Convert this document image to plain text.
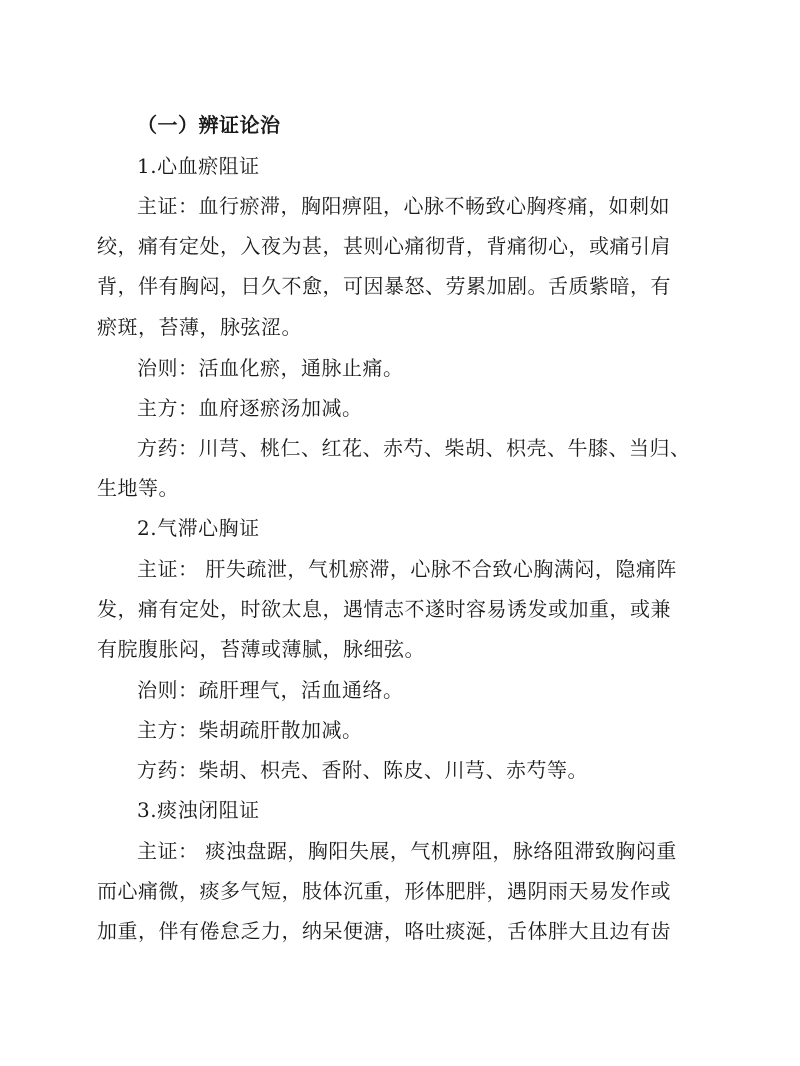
（一）辨证论治
1.心血瘀阻证
主证：血行瘀滞，胸阳痹阻，心脉不畅致心胸疼痛，如刺如
绞，痛有定处，入夜为甚，甚则心痛彻背，背痛彻心，或痛引肩
背，伴有胸闷，日久不愈，可因暴怒、劳累加剧。舌质紫暗，有
瘀斑，苔薄，脉弦涩。
治则：活血化瘀，通脉止痛。
主方：血府逐瘀汤加减。
方药：川芎、桃仁、红花、赤芍、柴胡、枳壳、牛膝、当归、
生地等。
2.气滞心胸证
主证： 肝失疏泄，气机瘀滞，心脉不合致心胸满闷，隐痛阵
发，痛有定处，时欲太息，遇情志不遂时容易诱发或加重，或兼
有脘腹胀闷，苔薄或薄腻，脉细弦。
治则：疏肝理气，活血通络。
主方：柴胡疏肝散加减。
方药：柴胡、枳壳、香附、陈皮、川芎、赤芍等。
3.痰浊闭阻证
主证： 痰浊盘踞，胸阳失展，气机痹阻，脉络阻滞致胸闷重
而心痛微，痰多气短，肢体沉重，形体肥胖，遇阴雨天易发作或
加重，伴有倦怠乏力，纳呆便溏，咯吐痰涎，舌体胖大且边有齿
